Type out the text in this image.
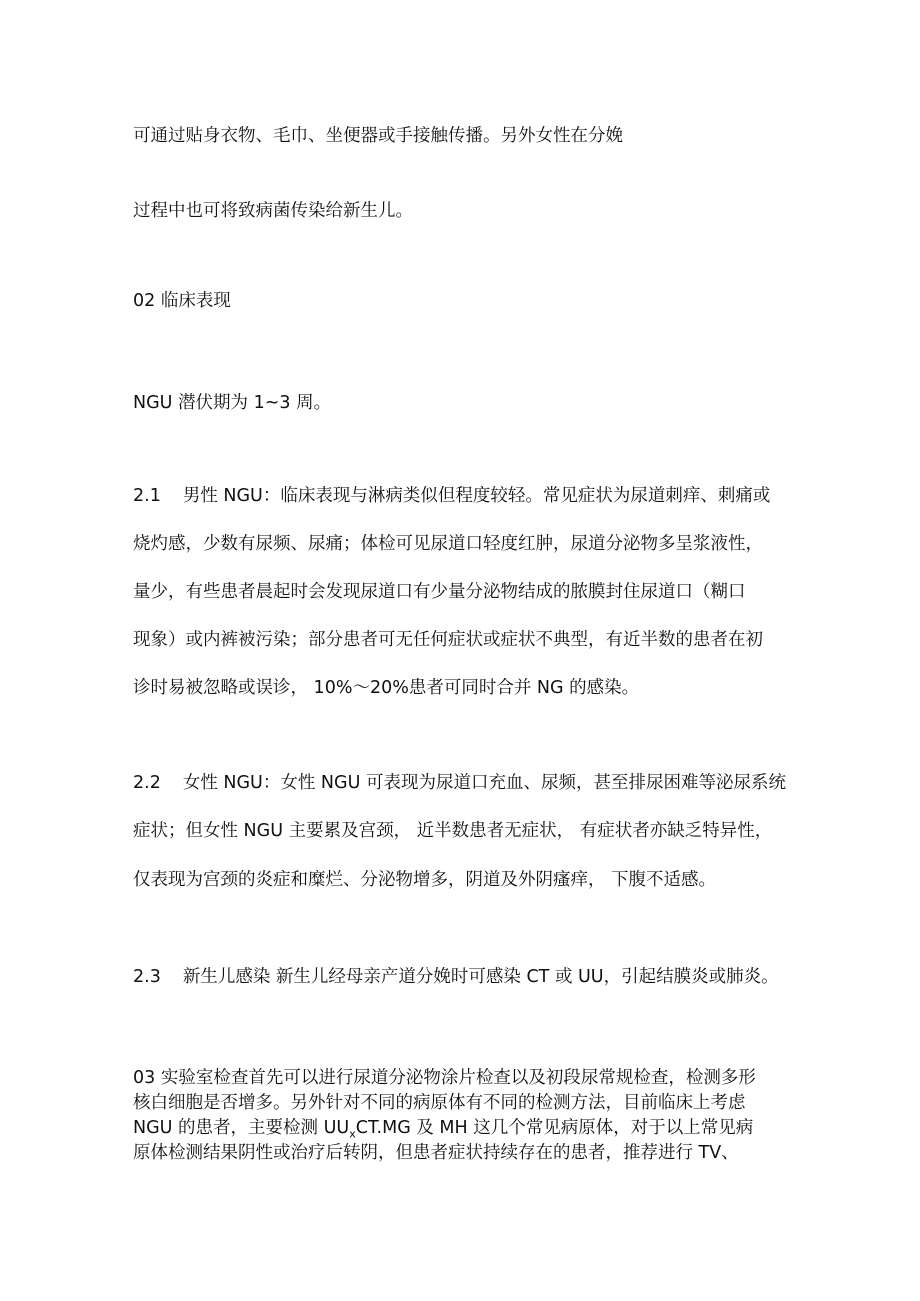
可通过贴身衣物、毛巾、坐便器或手接触传播。另外女性在分娩

过程中也可将致病菌传染给新生儿。

02 临床表现

NGU 潜伏期为 1~3 周。

2.1 男性 NGU：临床表现与淋病类似但程度较轻。常见症状为尿道刺痒、刺痛或

烧灼感，少数有尿频、尿痛；体检可见尿道口轻度红肿，尿道分泌物多呈浆液性，

量少，有些患者晨起时会发现尿道口有少量分泌物结成的脓膜封住尿道口（糊口

现象）或内裤被污染；部分患者可无任何症状或症状不典型，有近半数的患者在初

诊时易被忽略或误诊， 10%～20%患者可同时合并 NG 的感染。

2.2 女性 NGU：女性 NGU 可表现为尿道口充血、尿频，甚至排尿困难等泌尿系统

症状；但女性 NGU 主要累及宫颈， 近半数患者无症状， 有症状者亦缺乏特异性，

仅表现为宫颈的炎症和糜烂、分泌物增多，阴道及外阴瘙痒， 下腹不适感。

2.3 新生儿感染 新生儿经母亲产道分娩时可感染 CT 或 UU，引起结膜炎或肺炎。

03 实验室检查首先可以进行尿道分泌物涂片检查以及初段尿常规检查，检测多形

核白细胞是否增多。另外针对不同的病原体有不同的检测方法，目前临床上考虑

NGU 的患者，主要检测 $UU_xCT.MG$ 及 MH 这几个常见病原体，对于以上常见病

原体检测结果阴性或治疗后转阴，但患者症状持续存在的患者，推荐进行 TV、
